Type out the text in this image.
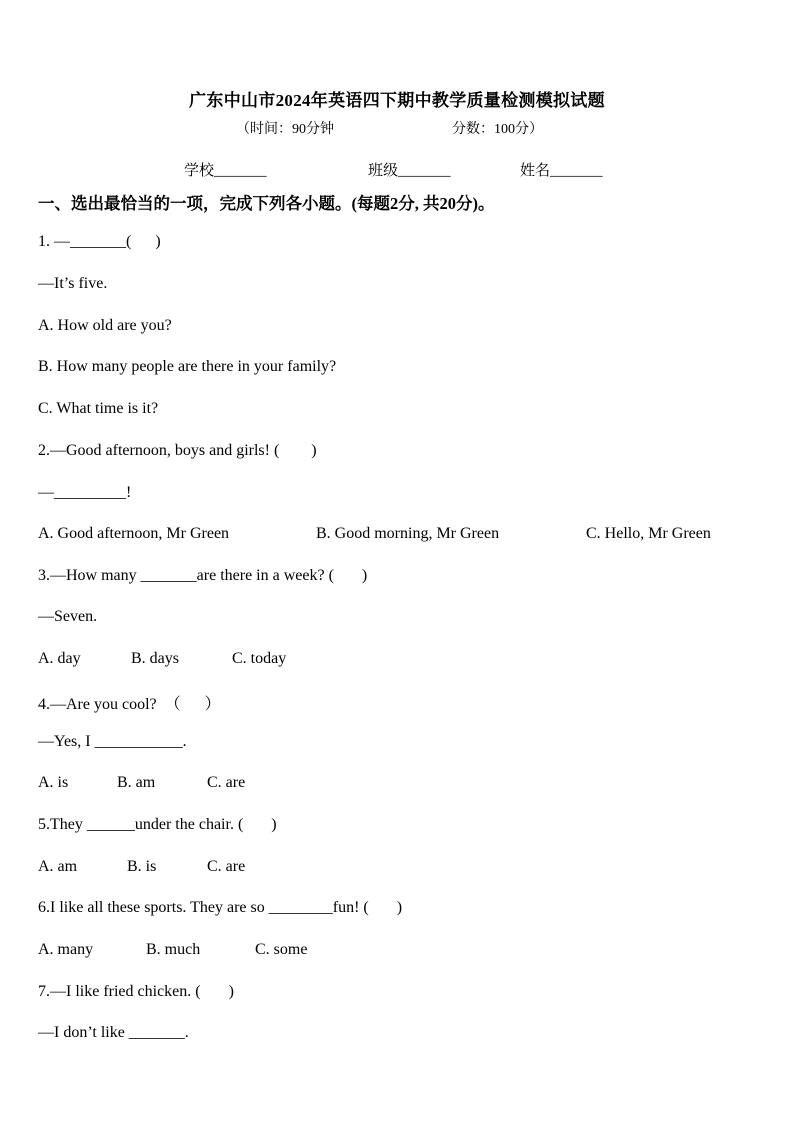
广东中山市2024年英语四下期中教学质量检测模拟试题
（时间：90分钟	分数：100分）
学校_______	班级_______	姓名_______
一、选出最恰当的一项，完成下列各小题。(每题2分, 共20分)。
1. —_______(      )
—It’s five.
A. How old are you?
B. How many people are there in your family?
C. What time is it?
2.—Good afternoon, boys and girls! (        )
—_________!
A. Good afternoon, Mr Green	B. Good morning, Mr Green	C. Hello, Mr Green
3.—How many _______are there in a week? (       )
—Seven.
A. day	B. days	C. today
4.—Are you cool?  （      ）
—Yes, I ___________.
A. is	B. am	C. are
5.They ______under the chair. (       )
A. am	B. is	C. are
6.I like all these sports. They are so ________fun! (       )
A. many	B. much	C. some
7.—I like fried chicken. (       )
—I don’t like _______.
